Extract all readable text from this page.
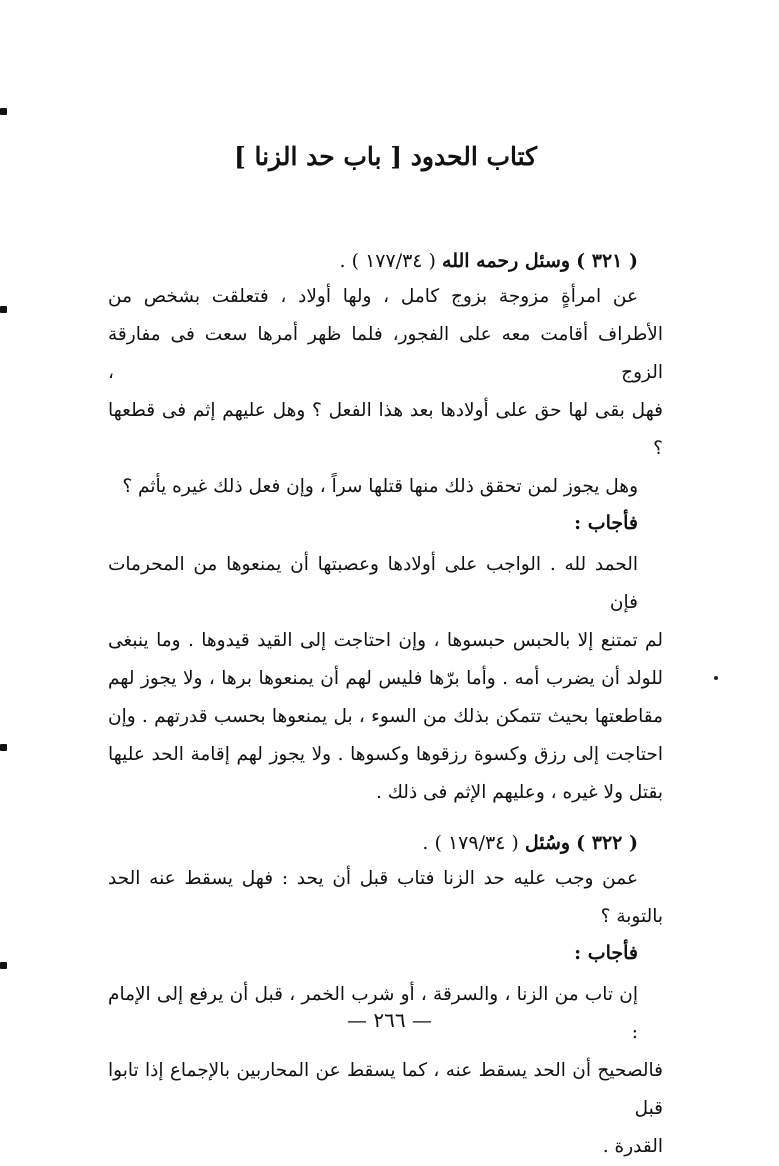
كتاب الحدود [ باب حد الزنا ]

( ٣٢١ ) وسئل رحمه الله ( ١٧٧/٣٤ ) .

عن امرأةٍ مزوجة بزوج كامل ، ولها أولاد ، فتعلقت بشخص من
الأطراف أقامت معه على الفجور، فلما ظهر أمرها سعت فى مفارقة الزوج ،
فهل بقى لها حق على أولادها بعد هذا الفعل ؟ وهل عليهم إثم فى قطعها ؟
وهل يجوز لمن تحقق ذلك منها قتلها سراً ، وإن فعل ذلك غيره يأثم ؟

فأجاب :

الحمد لله . الواجب على أولادها وعصبتها أن يمنعوها من المحرمات فإن
لم تمتنع إلا بالحبس حبسوها ، وإن احتاجت إلى القيد قيدوها . وما ينبغى
للولد أن يضرب أمه . وأما برّها فليس لهم أن يمنعوها برها ، ولا يجوز لهم
مقاطعتها بحيث تتمكن بذلك من السوء ، بل يمنعوها بحسب قدرتهم . وإن
احتاجت إلى رزق وكسوة رزقوها وكسوها . ولا يجوز لهم إقامة الحد عليها
بقتل ولا غيره ، وعليهم الإثم فى ذلك .

( ٣٢٢ ) وسُئل ( ١٧٩/٣٤ ) .

عمن وجب عليه حد الزنا فتاب قبل أن يحد : فهل يسقط عنه الحد
بالتوبة ؟

فأجاب :

إن تاب من الزنا ، والسرقة ، أو شرب الخمر ، قبل أن يرفع إلى الإمام :
فالصحيح أن الحد يسقط عنه ، كما يسقط عن المحاربين بالإجماع إذا تابوا قبل
القدرة .
— ٢٦٦ —
